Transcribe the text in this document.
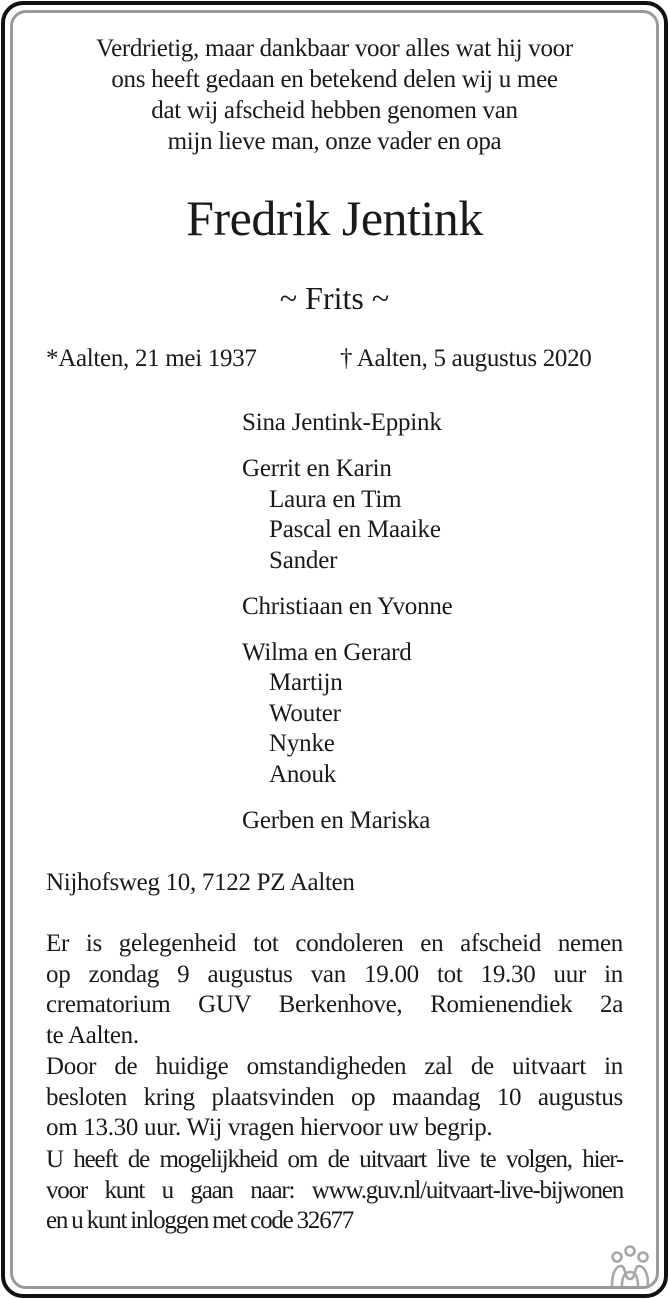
Verdrietig, maar dankbaar voor alles wat hij voor
ons heeft gedaan en betekend delen wij u mee
dat wij afscheid hebben genomen van
mijn lieve man, onze vader en opa
Fredrik Jentink
~ Frits ~
*Aalten, 21 mei 1937	† Aalten, 5 augustus 2020
Sina Jentink-Eppink
Gerrit en Karin
Laura en Tim
Pascal en Maaike
Sander
Christiaan en Yvonne
Wilma en Gerard
Martijn
Wouter
Nynke
Anouk
Gerben en Mariska
Nijhofsweg 10, 7122 PZ Aalten
Er is gelegenheid tot condoleren en afscheid nemen
op zondag 9 augustus van 19.00 tot 19.30 uur in
crematorium GUV Berkenhove, Romienendiek 2a
te Aalten.
Door de huidige omstandigheden zal de uitvaart in
besloten kring plaatsvinden op maandag 10 augustus
om 13.30 uur. Wij vragen hiervoor uw begrip.
U heeft de mogelijkheid om de uitvaart live te volgen, hier-
voor kunt u gaan naar: www.guv.nl/uitvaart-live-bijwonen
en u kunt inloggen met code 32677
